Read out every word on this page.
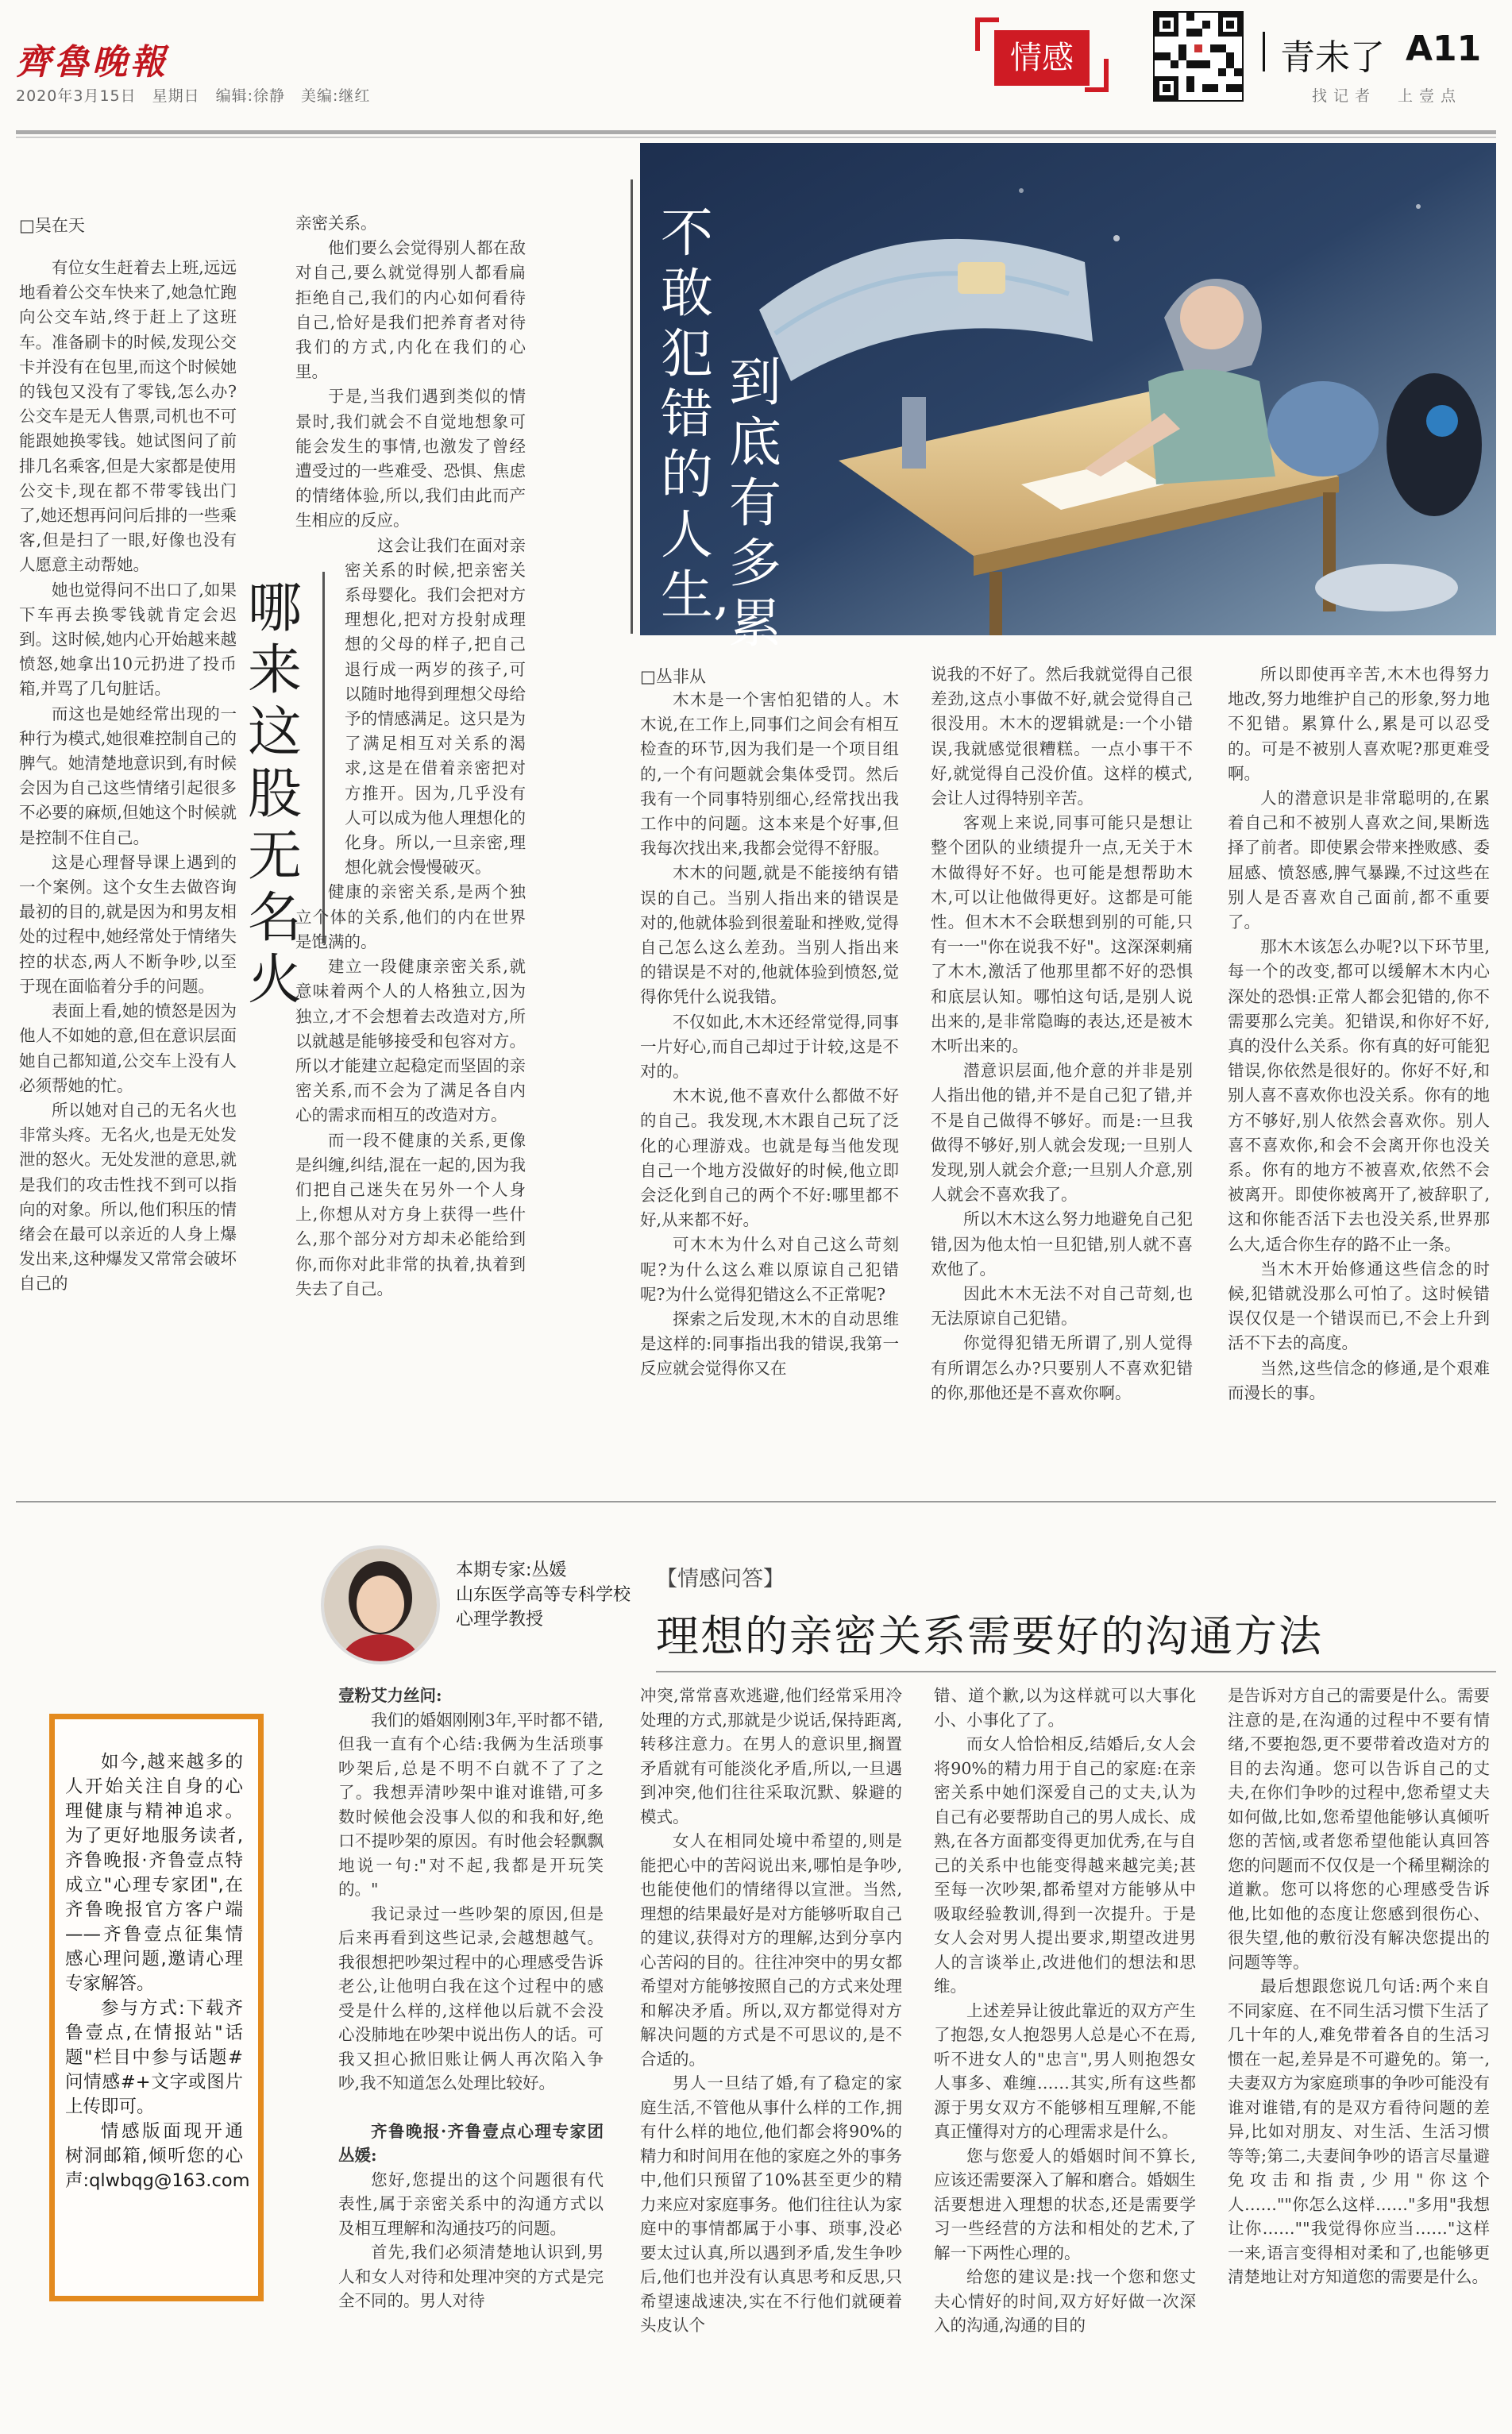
齊魯晚報
2020年3月15日　星期日　编辑:徐静　美编:继红
情感	青未了 A11
找记者　上壹点
□吴在天

有位女生赶着去上班,远远地看着公交车快来了,她急忙跑向公交车站,终于赶上了这班车。准备刷卡的时候,发现公交卡并没有在包里,而这个时候她的钱包又没有了零钱,怎么办?公交车是无人售票,司机也不可能跟她换零钱。她试图问了前排几名乘客,但是大家都是使用公交卡,现在都不带零钱出门了,她还想再问问后排的一些乘客,但是扫了一眼,好像也没有人愿意主动帮她。

她也觉得问不出口了,如果下车再去换零钱就肯定会迟到。这时候,她内心开始越来越愤怒,她拿出10元扔进了投币箱,并骂了几句脏话。

而这也是她经常出现的一种行为模式,她很难控制自己的脾气。她清楚地意识到,有时候会因为自己这些情绪引起很多不必要的麻烦,但她这个时候就是控制不住自己。

这是心理督导课上遇到的一个案例。这个女生去做咨询最初的目的,就是因为和男友相处的过程中,她经常处于情绪失控的状态,两人不断争吵,以至于现在面临着分手的问题。

表面上看,她的愤怒是因为他人不如她的意,但在意识层面她自己都知道,公交车上没有人必须帮她的忙。

所以她对自己的无名火也非常头疼。无名火,也是无处发泄的怒火。无处发泄的意思,就是我们的攻击性找不到可以指向的对象。所以,他们积压的情绪会在最可以亲近的人身上爆发出来,这种爆发又常常会破坏自己的

哪来这股无名火

亲密关系。

他们要么会觉得别人都在敌对自己,要么就觉得别人都看扁拒绝自己,我们的内心如何看待自己,恰好是我们把养育者对待我们的方式,内化在我们的心里。

于是,当我们遇到类似的情景时,我们就会不自觉地想象可能会发生的事情,也激发了曾经遭受过的一些难受、恐惧、焦虑的情绪体验,所以,我们由此而产生相应的反应。

这会让我们在面对亲密关系的时候,把亲密关系母婴化。我们会把对方理想化,把对方投射成理想的父母的样子,把自己退行成一两岁的孩子,可以随时地得到理想父母给予的情感满足。这只是为了满足相互对关系的渴求,这是在借着亲密把对方推开。因为,几乎没有人可以成为他人理想化的化身。所以,一旦亲密,理想化就会慢慢破灭。

健康的亲密关系,是两个独立个体的关系,他们的内在世界是饱满的。

建立一段健康亲密关系,就意味着两个人的人格独立,因为独立,才不会想着去改造对方,所以就越是能够接受和包容对方。所以才能建立起稳定而坚固的亲密关系,而不会为了满足各自内心的需求而相互的改造对方。

而一段不健康的关系,更像是纠缠,纠结,混在一起的,因为我们把自己迷失在另外一个人身上,你想从对方身上获得一些什么,那个部分对方却未必能给到你,而你对此非常的执着,执着到失去了自己。

不敢犯错的人生,
到底有多累
□丛非从

木木是一个害怕犯错的人。木木说,在工作上,同事们之间会有相互检查的环节,因为我们是一个项目组的,一个有问题就会集体受罚。然后我有一个同事特别细心,经常找出我工作中的问题。这本来是个好事,但我每次找出来,我都会觉得不舒服。

木木的问题,就是不能接纳有错误的自己。当别人指出来的错误是对的,他就体验到很羞耻和挫败,觉得自己怎么这么差劲。当别人指出来的错误是不对的,他就体验到愤怒,觉得你凭什么说我错。

不仅如此,木木还经常觉得,同事一片好心,而自己却过于计较,这是不对的。

木木说,他不喜欢什么都做不好的自己。我发现,木木跟自己玩了泛化的心理游戏。也就是每当他发现自己一个地方没做好的时候,他立即会泛化到自己的两个不好:哪里都不好,从来都不好。

可木木为什么对自己这么苛刻呢?为什么这么难以原谅自己犯错呢?为什么觉得犯错这么不正常呢?

探索之后发现,木木的自动思维是这样的:同事指出我的错误,我第一反应就会觉得你又在

说我的不好了。然后我就觉得自己很差劲,这点小事做不好,就会觉得自己很没用。木木的逻辑就是:一个小错误,我就感觉很糟糕。一点小事干不好,就觉得自己没价值。这样的模式,会让人过得特别辛苦。

客观上来说,同事可能只是想让整个团队的业绩提升一点,无关于木木做得好不好。也可能是想帮助木木,可以让他做得更好。这都是可能性。但木木不会联想到别的可能,只有一一"你在说我不好"。这深深刺痛了木木,激活了他那里都不好的恐惧和底层认知。哪怕这句话,是别人说出来的,是非常隐晦的表达,还是被木木听出来的。

潜意识层面,他介意的并非是别人指出他的错,并不是自己犯了错,并不是自己做得不够好。而是:一旦我做得不够好,别人就会发现;一旦别人发现,别人就会介意;一旦别人介意,别人就会不喜欢我了。

所以木木这么努力地避免自己犯错,因为他太怕一旦犯错,别人就不喜欢他了。

因此木木无法不对自己苛刻,也无法原谅自己犯错。

你觉得犯错无所谓了,别人觉得有所谓怎么办?只要别人不喜欢犯错的你,那他还是不喜欢你啊。

所以即使再辛苦,木木也得努力地改,努力地维护自己的形象,努力地不犯错。累算什么,累是可以忍受的。可是不被别人喜欢呢?那更难受啊。

人的潜意识是非常聪明的,在累着自己和不被别人喜欢之间,果断选择了前者。即使累会带来挫败感、委屈感、愤怒感,脾气暴躁,不过这些在别人是否喜欢自己面前,都不重要了。

那木木该怎么办呢?以下环节里,每一个的改变,都可以缓解木木内心深处的恐惧:正常人都会犯错的,你不需要那么完美。犯错误,和你好不好,真的没什么关系。你有真的好可能犯错误,你依然是很好的。你好不好,和别人喜不喜欢你也没关系。你有的地方不够好,别人依然会喜欢你。别人喜不喜欢你,和会不会离开你也没关系。你有的地方不被喜欢,依然不会被离开。即使你被离开了,被辞职了,这和你能否活下去也没关系,世界那么大,适合你生存的路不止一条。

当木木开始修通这些信念的时候,犯错就没那么可怕了。这时候错误仅仅是一个错误而已,不会上升到活不下去的高度。

当然,这些信念的修通,是个艰难而漫长的事。

本期专家:丛媛
山东医学高等专科学校心理学教授
【情感问答】
理想的亲密关系需要好的沟通方法

如今,越来越多的人开始关注自身的心理健康与精神追求。为了更好地服务读者,齐鲁晚报·齐鲁壹点特成立"心理专家团",在齐鲁晚报官方客户端——齐鲁壹点征集情感心理问题,邀请心理专家解答。

参与方式:下载齐鲁壹点,在情报站"话题"栏目中参与话题#问情感#+文字或图片上传即可。

情感版面现开通树洞邮箱,倾听您的心声:qlwbqg@163.com

壹粉艾力丝问:

我们的婚姻刚刚3年,平时都不错,但我一直有个心结:我俩为生活琐事吵架后,总是不明不白就不了了之了。我想弄清吵架中谁对谁错,可多数时候他会没事人似的和我和好,绝口不提吵架的原因。有时他会轻飘飘地说一句:"对不起,我都是开玩笑的。"

我记录过一些吵架的原因,但是后来再看到这些记录,会越想越气。我很想把吵架过程中的心理感受告诉老公,让他明白我在这个过程中的感受是什么样的,这样他以后就不会没心没肺地在吵架中说出伤人的话。可我又担心掀旧账让俩人再次陷入争吵,我不知道怎么处理比较好。

齐鲁晚报·齐鲁壹点心理专家团丛媛:

您好,您提出的这个问题很有代表性,属于亲密关系中的沟通方式以及相互理解和沟通技巧的问题。

首先,我们必须清楚地认识到,男人和女人对待和处理冲突的方式是完全不同的。男人对待

冲突,常常喜欢逃避,他们经常采用冷处理的方式,那就是少说话,保持距离,转移注意力。在男人的意识里,搁置矛盾就有可能淡化矛盾,所以,一旦遇到冲突,他们往往采取沉默、躲避的模式。

女人在相同处境中希望的,则是能把心中的苦闷说出来,哪怕是争吵,也能使他们的情绪得以宣泄。当然,理想的结果最好是对方能够听取自己的建议,获得对方的理解,达到分享内心苦闷的目的。往往冲突中的男女都希望对方能够按照自己的方式来处理和解决矛盾。所以,双方都觉得对方解决问题的方式是不可思议的,是不合适的。

男人一旦结了婚,有了稳定的家庭生活,不管他从事什么样的工作,拥有什么样的地位,他们都会将90%的精力和时间用在他的家庭之外的事务中,他们只预留了10%甚至更少的精力来应对家庭事务。他们往往认为家庭中的事情都属于小事、琐事,没必要太过认真,所以遇到矛盾,发生争吵后,他们也并没有认真思考和反思,只希望速战速决,实在不行他们就硬着头皮认个

错、道个歉,以为这样就可以大事化小、小事化了了。

而女人恰恰相反,结婚后,女人会将90%的精力用于自己的家庭:在亲密关系中她们深爱自己的丈夫,认为自己有必要帮助自己的男人成长、成熟,在各方面都变得更加优秀,在与自己的关系中也能变得越来越完美;甚至每一次吵架,都希望对方能够从中吸取经验教训,得到一次提升。于是女人会对男人提出要求,期望改进男人的言谈举止,改进他们的想法和思维。

上述差异让彼此靠近的双方产生了抱怨,女人抱怨男人总是心不在焉,听不进女人的"忠言",男人则抱怨女人事多、难缠……其实,所有这些都源于男女双方不能够相互理解,不能真正懂得对方的心理需求是什么。

您与您爱人的婚姻时间不算长,应该还需要深入了解和磨合。婚姻生活要想进入理想的状态,还是需要学习一些经营的方法和相处的艺术,了解一下两性心理的。

给您的建议是:找一个您和您丈夫心情好的时间,双方好好做一次深入的沟通,沟通的目的

是告诉对方自己的需要是什么。需要注意的是,在沟通的过程中不要有情绪,不要抱怨,更不要带着改造对方的目的去沟通。您可以告诉自己的丈夫,在你们争吵的过程中,您希望丈夫如何做,比如,您希望他能够认真倾听您的苦恼,或者您希望他能认真回答您的问题而不仅仅是一个稀里糊涂的道歉。您可以将您的心理感受告诉他,比如他的态度让您感到很伤心、很失望,他的敷衍没有解决您提出的问题等等。

最后想跟您说几句话:两个来自不同家庭、在不同生活习惯下生活了几十年的人,难免带着各自的生活习惯在一起,差异是不可避免的。第一,夫妻双方为家庭琐事的争吵可能没有谁对谁错,有的是双方看待问题的差异,比如对朋友、对生活、生活习惯等等;第二,夫妻间争吵的语言尽量避免攻击和指责,少用"你这个人……""你怎么这样……"多用"我想让你……""我觉得你应当……"这样一来,语言变得相对柔和了,也能够更清楚地让对方知道您的需要是什么。
